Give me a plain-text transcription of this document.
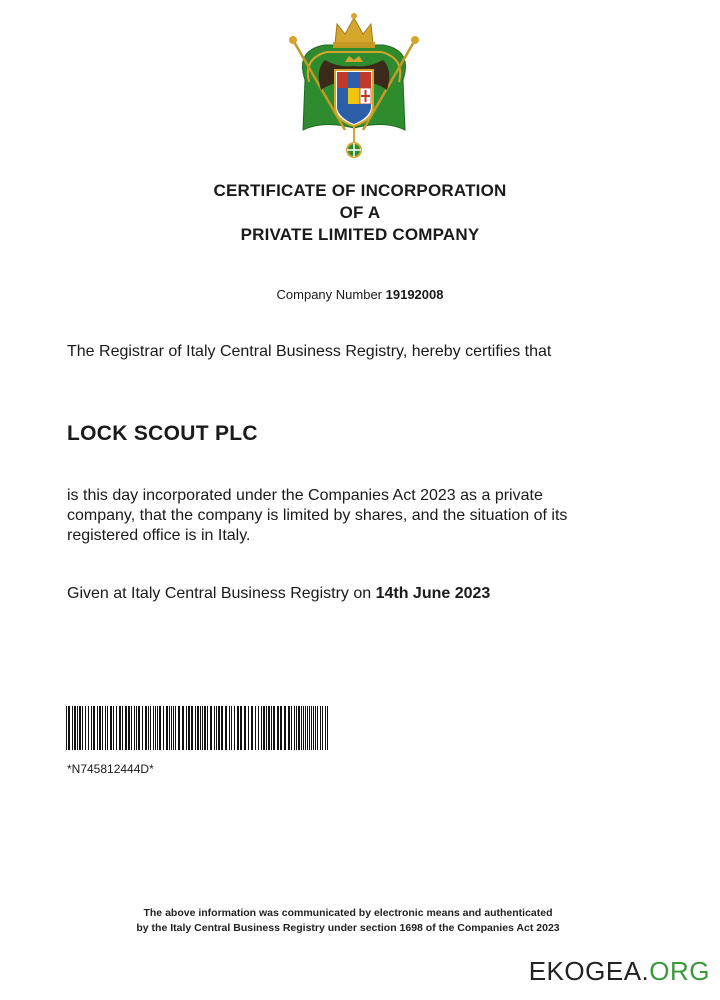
CERTIFICATE OF INCORPORATION
OF A
PRIVATE LIMITED COMPANY
Company Number 19192008
The Registrar of Italy Central Business Registry, hereby certifies that
LOCK SCOUT PLC
is this day incorporated under the Companies Act 2023 as a private company, that the company is limited by shares, and the situation of its registered office is in Italy.
Given at Italy Central Business Registry on 14th June 2023
*N745812444D*
The above information was communicated by electronic means and authenticated
by the Italy Central Business Registry under section 1698 of the Companies Act 2023
EKOGEA.ORG
